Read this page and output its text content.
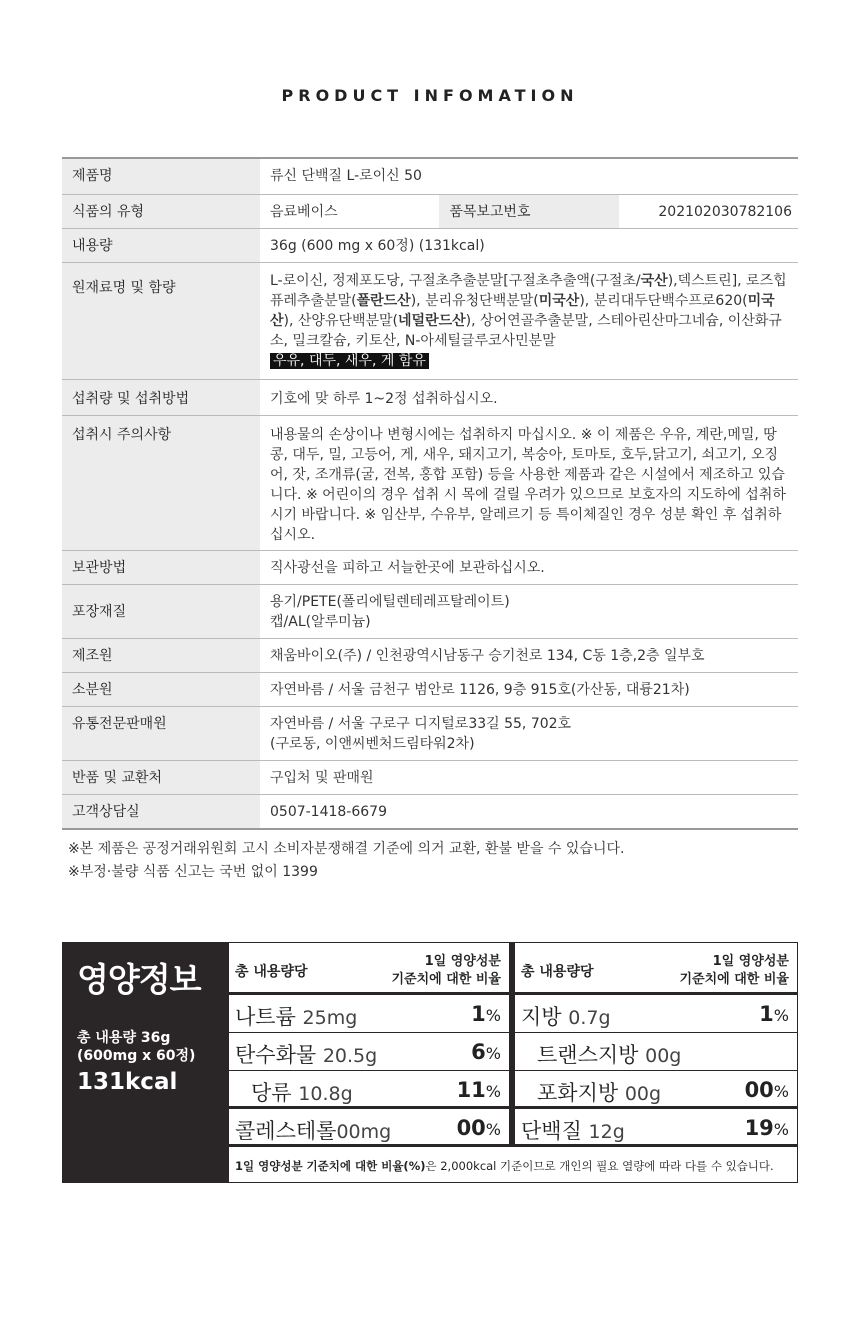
PRODUCT INFOMATION
제품명	류신 단백질 L-로이신 50		
식품의 유형	음료베이스	품목보고번호	202102030782106
내용량	36g (600 mg x 60정) (131kcal)		
원재료명 및 함량	L-로이신, 정제포도당, 구절초추출분말[구절초추출액(구절초/국산),덱스트린], 로즈힙퓨레추출분말(폴란드산), 분리유청단백분말(미국산), 분리대두단백수프로620(미국산), 산양유단백분말(네덜란드산), 상어연골추출분말, 스테아린산마그네슘, 이산화규소, 밀크칼슘, 키토산, N-아세틸글루코사민분말
우유, 대두, 새우, 게 함유		
섭취량 및 섭취방법	기호에 맞 하루 1~2정 섭취하십시오.		
섭취시 주의사항	내용물의 손상이나 변형시에는 섭취하지 마십시오. ※ 이 제품은 우유, 계란,메밀, 땅콩, 대두, 밀, 고등어, 게, 새우, 돼지고기, 복숭아, 토마토, 호두,닭고기, 쇠고기, 오징어, 잣, 조개류(굴, 전복, 홍합 포함) 등을 사용한 제품과 같은 시설에서 제조하고 있습 니다. ※ 어린이의 경우 섭취 시 목에 걸릴 우려가 있으므로 보호자의 지도하에 섭취하시기 바랍니다. ※ 임산부, 수유부, 알레르기 등 특이체질인 경우 성분 확인 후 섭취하십시오.		
보관방법	직사광선을 피하고 서늘한곳에 보관하십시오.		
포장재질	용기/PETE(폴리에틸렌테레프탈레이트)
캡/AL(알루미늄)		
제조원	채움바이오(주) / 인천광역시남동구 승기천로 134, C동 1층,2층 일부호		
소분원	자연바름 / 서울 금천구 범안로 1126, 9층 915호(가산동, 대륭21차)		
유통전문판매원	자연바름 / 서울 구로구 디지털로33길 55, 702호
(구로동, 이앤씨벤처드림타워2차)		
반품 및 교환처	구입처 및 판매원		
고객상담실	0507-1418-6679		
※본 제품은 공정거래위원회 고시 소비자분쟁해결 기준에 의거 교환, 환불 받을 수 있습니다.
※부정·불량 식품 신고는 국번 없이 1399
영양정보
총 내용량 36g
(600mg x 60정)
131kcal
총 내용량당
1일 영양성분
기준치에 대한 비율
나트륨 25mg	1%
탄수화물 20.5g	6%
당류 10.8g	11%
콜레스테롤00mg	00%
총 내용량당
1일 영양성분
기준치에 대한 비율
지방 0.7g	1%
트랜스지방 00g
포화지방 00g	00%
단백질 12g	19%
1일 영양성분 기준치에 대한 비율(%)은 2,000kcal 기준이므로 개인의 필요 열량에 따라 다를 수 있습니다.
